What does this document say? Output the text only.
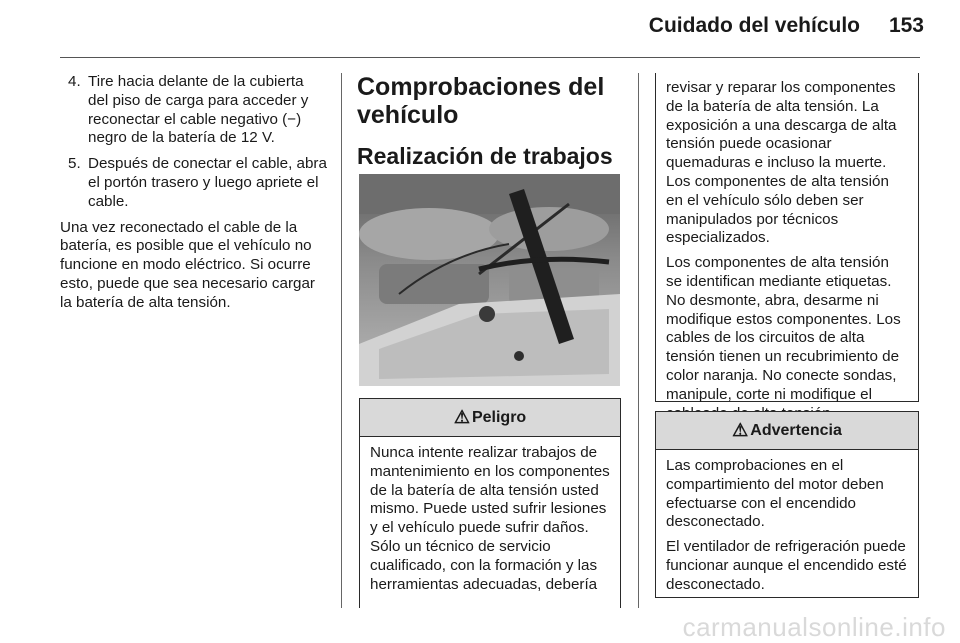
Cuidado del vehículo	153
4. Tire hacia delante de la cubierta del piso de carga para acceder y reconectar el cable negativo (−) negro de la batería de 12 V.
5. Después de conectar el cable, abra el portón trasero y luego apriete el cable.

Una vez reconectado el cable de la batería, es posible que el vehículo no funcione en modo eléctrico. Si ocurre esto, puede que sea necesario cargar la batería de alta tensión.

Comprobaciones del vehículo
Realización de trabajos
⚠ Peligro

Nunca intente realizar trabajos de mantenimiento en los componentes de la batería de alta tensión usted mismo. Puede usted sufrir lesiones y el vehículo puede sufrir daños. Sólo un técnico de servicio cualificado, con la formación y las herramientas adecuadas, debería

revisar y reparar los componentes de la batería de alta tensión. La exposición a una descarga de alta tensión puede ocasionar quemaduras e incluso la muerte. Los componentes de alta tensión en el vehículo sólo deben ser manipulados por técnicos especializados.

Los componentes de alta tensión se identifican mediante etiquetas. No desmonte, abra, desarme ni modifique estos componentes. Los cables de los circuitos de alta tensión tienen un recubrimiento de color naranja. No conecte sondas, manipule, corte ni modifique el

⚠ Advertencia

Las comprobaciones en el compartimiento del motor deben efectuarse con el encendido desconectado.

El ventilador de refrigeración puede funcionar aunque el encendido esté desconectado.

carmanualsonline.info
